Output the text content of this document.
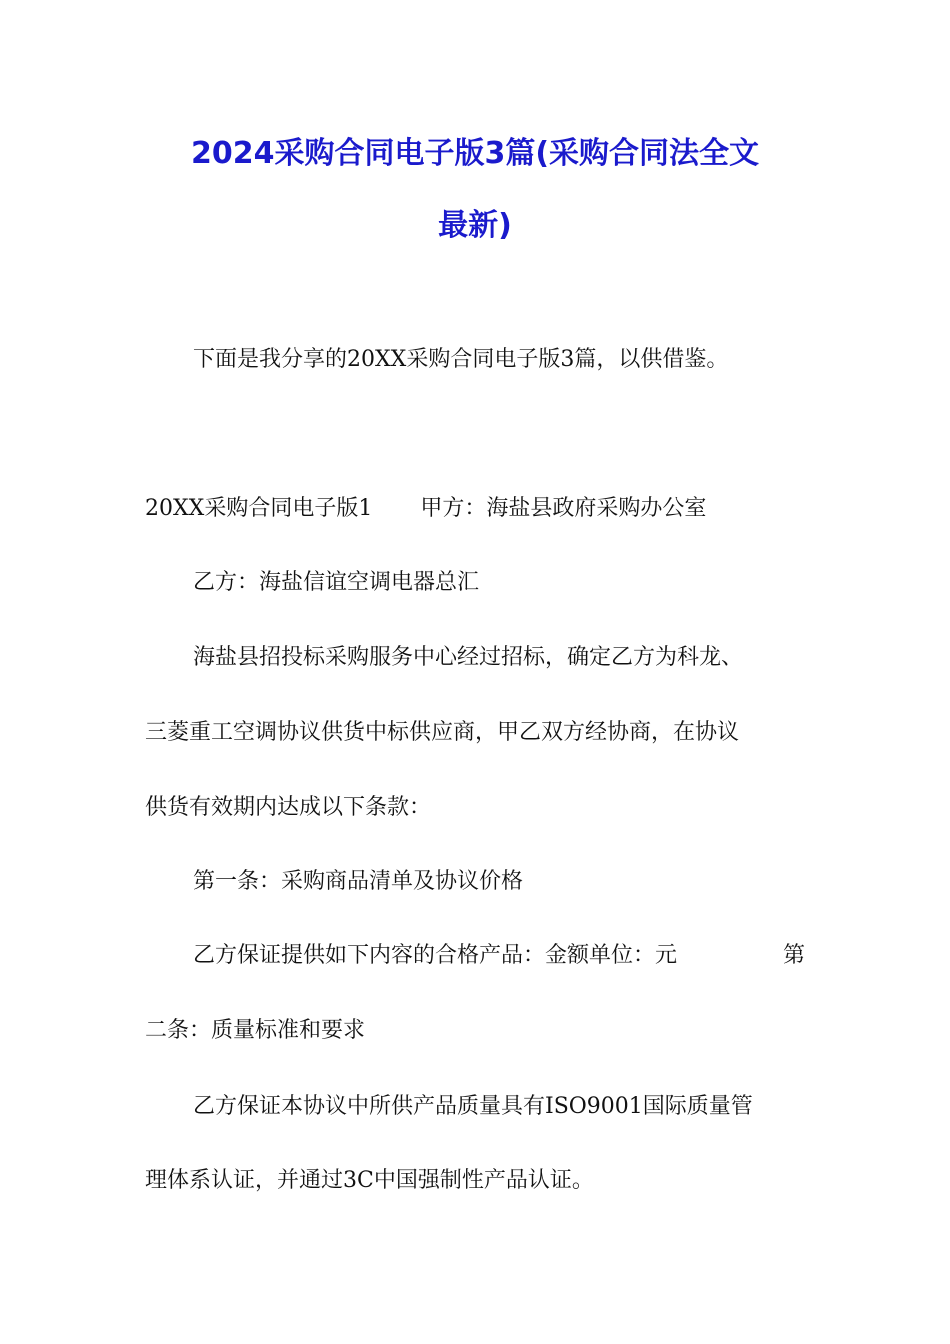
2024采购合同电子版3篇(采购合同法全文
最新)

下面是我分享的20XX采购合同电子版3篇，以供借鉴。

20XX采购合同电子版1 甲方：海盐县政府采购办公室

乙方：海盐信谊空调电器总汇

海盐县招投标采购服务中心经过招标，确定乙方为科龙、

三菱重工空调协议供货中标供应商，甲乙双方经协商，在协议

供货有效期内达成以下条款：

第一条：采购商品清单及协议价格

乙方保证提供如下内容的合格产品：金额单位：元	第

二条：质量标准和要求

乙方保证本协议中所供产品质量具有ISO9001国际质量管

理体系认证，并通过3C中国强制性产品认证。
